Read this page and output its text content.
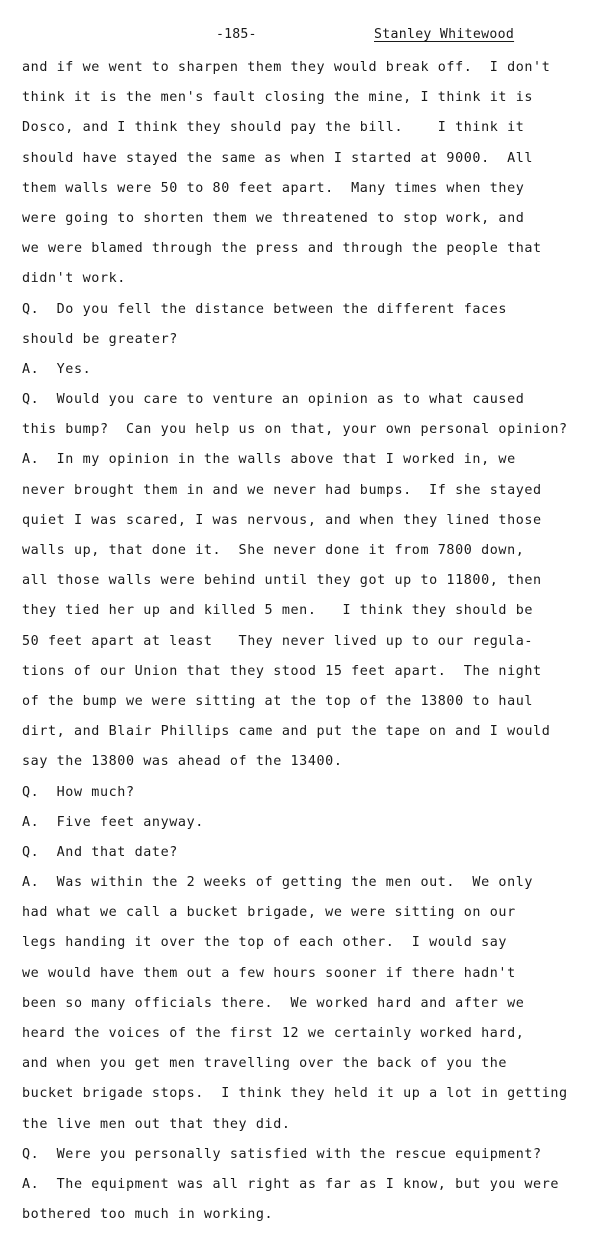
-185-	Stanley Whitewood
and if we went to sharpen them they would break off.  I don't
think it is the men's fault closing the mine, I think it is
Dosco, and I think they should pay the bill.    I think it
should have stayed the same as when I started at 9000.  All
them walls were 50 to 80 feet apart.  Many times when they
were going to shorten them we threatened to stop work, and
we were blamed through the press and through the people that
didn't work.
Q.  Do you fell the distance between the different faces
should be greater?
A.  Yes.
Q.  Would you care to venture an opinion as to what caused
this bump?  Can you help us on that, your own personal opinion?
A.  In my opinion in the walls above that I worked in, we
never brought them in and we never had bumps.  If she stayed
quiet I was scared, I was nervous, and when they lined those
walls up, that done it.  She never done it from 7800 down,
all those walls were behind until they got up to 11800, then
they tied her up and killed 5 men.   I think they should be
50 feet apart at least   They never lived up to our regula-
tions of our Union that they stood 15 feet apart.  The night
of the bump we were sitting at the top of the 13800 to haul
dirt, and Blair Phillips came and put the tape on and I would
say the 13800 was ahead of the 13400.
Q.  How much?
A.  Five feet anyway.
Q.  And that date?
A.  Was within the 2 weeks of getting the men out.  We only
had what we call a bucket brigade, we were sitting on our
legs handing it over the top of each other.  I would say
we would have them out a few hours sooner if there hadn't
been so many officials there.  We worked hard and after we
heard the voices of the first 12 we certainly worked hard,
and when you get men travelling over the back of you the
bucket brigade stops.  I think they held it up a lot in getting
the live men out that they did.
Q.  Were you personally satisfied with the rescue equipment?
A.  The equipment was all right as far as I know, but you were
bothered too much in working.
